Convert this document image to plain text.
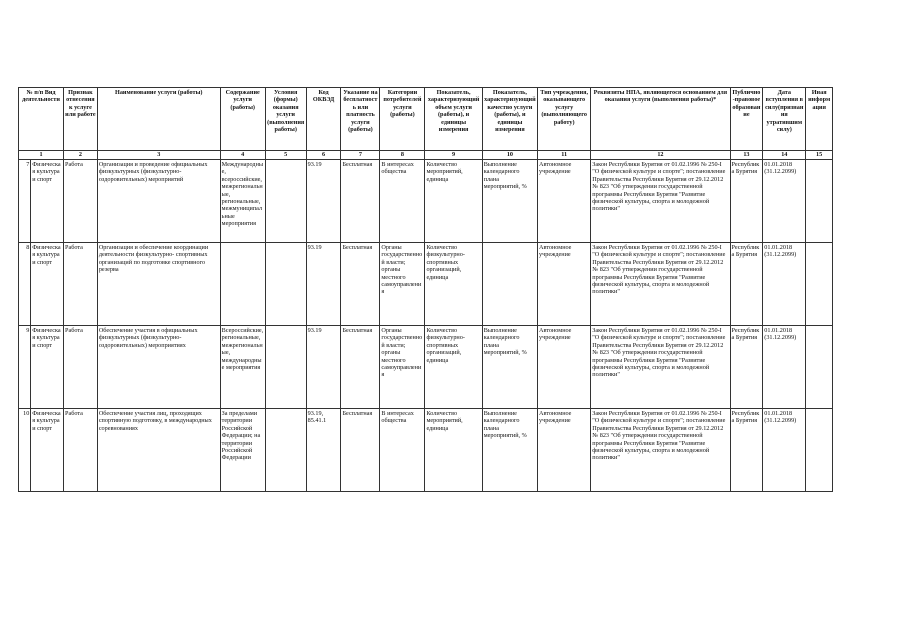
№ п/п Вид деятельности		Признак отнесения к услуге или работе	Наименование услуги (работы)	Содержание услуги (работы)	Условия (формы) оказания услуги (выполнения работы)	Код ОКВЭД	Указание на бесплатность или платность услуги (работы)	Категории потребителей услуги (работы)	Показатель, характеризующий объем услуги (работы), и единицы измерения	Показатель, характеризующий качество услуги (работы), и единицы измерения	Тип учреждения, оказывающего услугу (выполняющего работу)	Реквизиты НПА, являющегося основанием для оказания услуги (выполнения работы)*	Публично-правовое образование	Дата вступления в силу(признания утратившим силу)	Иная информация
1		2	3	4	5	6	7	8	9	10	11	12	13	14	15
7	Физическая культура и спорт	Работа	Организация и проведение официальных физкультурных (физкультурно-оздоровительных) мероприятий	Международные, всероссийские, межрегиональные, региональные, межмуниципальные мероприятия		93.19	Бесплатная	В интересах общества	Количество мероприятий, единица	Выполнение календарного плана мероприятий, %	Автономное учреждение	Закон Республики Бурятия от 01.02.1996 № 250-I "О физической культуре и спорте"; постановление Правительства Республики Бурятия от 29.12.2012 № 823 "Об утверждении государственной программы Республики Бурятия "Развитие физической культуры, спорта и молодежной политики"	Республика Бурятия	01.01.2018 (31.12.2099)	
8	Физическая культура и спорт	Работа	Организация и обеспечение координации деятельности физкультурно- спортивных организаций по подготовке спортивного резерва			93.19	Бесплатная	Органы государственной власти; органы местного самоуправления	Количество физкультурно-спортивных организаций, единица		Автономное учреждение	Закон Республики Бурятия от 01.02.1996 № 250-I "О физической культуре и спорте"; постановление Правительства Республики Бурятия от 29.12.2012 № 823 "Об утверждении государственной программы Республики Бурятия "Развитие физической культуры, спорта и молодежной политики"	Республика Бурятия	01.01.2018 (31.12.2099)	
9	Физическая культура и спорт	Работа	Обеспечение участия в официальных физкультурных (физкультурно- оздоровительных) мероприятиях	Всероссийские, региональные, межрегиональные, международные мероприятия		93.19	Бесплатная	Органы государственной власти; органы местного самоуправления	Количество физкультурно-спортивных организаций, единица	Выполнение календарного плана мероприятий, %	Автономное учреждение	Закон Республики Бурятия от 01.02.1996 № 250-I "О физической культуре и спорте"; постановление Правительства Республики Бурятия от 29.12.2012 № 823 "Об утверждении государственной программы Республики Бурятия "Развитие физической культуры, спорта и молодежной политики"	Республика Бурятия	01.01.2018 (31.12.2099)	
10	Физическая культура и спорт	Работа	Обеспечение участия лиц, проходящих спортивную подготовку, в международных соревнованиях	За пределами территории Российской Федерации; на территории Российской Федерации		93.19, 85.41.1	Бесплатная	В интересах общества	Количество мероприятий, единица	Выполнение календарного плана мероприятий, %	Автономное учреждение	Закон Республики Бурятия от 01.02.1996 № 250-I "О физической культуре и спорте"; постановление Правительства Республики Бурятия от 29.12.2012 № 823 "Об утверждении государственной программы Республики Бурятия "Развитие физической культуры, спорта и молодежной политики"	Республика Бурятия	01.01.2018 (31.12.2099)	
